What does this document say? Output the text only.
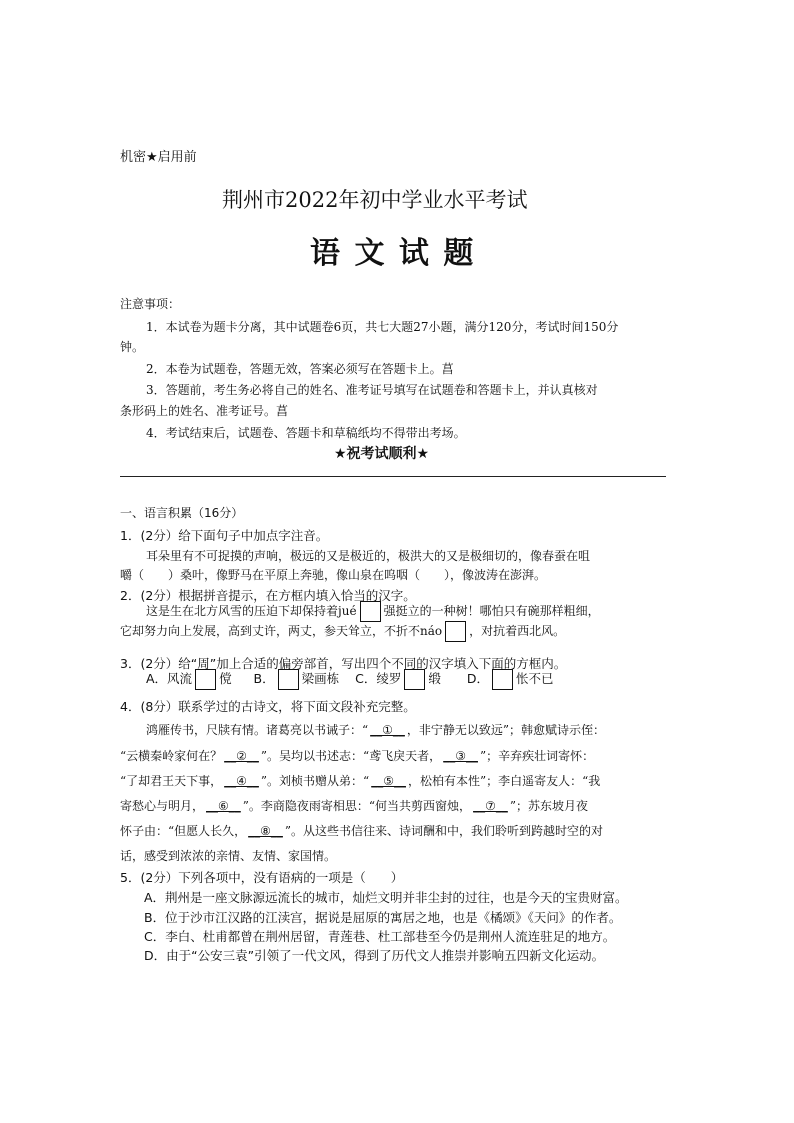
机密★启用前
荆州市2022年初中学业水平考试
语 文 试 题
注意事项：
1．本试卷为题卡分离，其中试题卷6页，共七大题27小题，满分120分，考试时间150分
钟。
2．本卷为试题卷，答题无效，答案必须写在答题卡上。菖
3．答题前，考生务必将自己的姓名、准考证号填写在试题卷和答题卡上，并认真核对
条形码上的姓名、准考证号。菖
4．考试结束后，试题卷、答题卡和草稿纸均不得带出考场。
★祝考试顺利★
一、语言积累（16分）
1．(2分）给下面句子中加点字注音。
耳朵里有不可捉摸的声响，极远的又是极近的，极洪大的又是极细切的，像春蚕在咀
嚼（　　）桑叶，像野马在平原上奔驰，像山泉在呜咽（　　），像波涛在澎湃。
2．(2分）根据拼音提示，在方框内填入恰当的汉字。
这是生在北方风雪的压迫下却保持着jué 强挺立的一种树！哪怕只有碗那样粗细，
它却努力向上发展，高到丈许，两丈，参天耸立，不折不náo ，对抗着西北风。
3．(2分）给“周”加上合适的偏旁部首，写出四个不同的汉字填入下面的方框内。
A．风流 傥 B． 梁画栋 C．绫罗 缎 D． 怅不已
4．(8分）联系学过的古诗文，将下面文段补充完整。
鸿雁传书，尺牍有情。诸葛亮以书诫子：“ __①__ ，非宁静无以致远”；韩愈赋诗示侄：
“云横秦岭家何在？ __②__ ”。吴均以书述志：“鸢飞戾天者， __③__ ”；辛弃疾壮词寄怀：
“了却君王天下事， __④__ ”。刘桢书赠从弟：“ __⑤__ ，松柏有本性”；李白遥寄友人：“我
寄愁心与明月， __⑥__ ”。李商隐夜雨寄相思：“何当共剪西窗烛， __⑦__ ”；苏东坡月夜
怀子由：“但愿人长久， __⑧__ ”。从这些书信往来、诗词酬和中，我们聆听到跨越时空的对
话，感受到浓浓的亲情、友情、家国情。
5．(2分）下列各项中，没有语病的一项是（　　）
A．荆州是一座文脉源远流长的城市，灿烂文明并非尘封的过往，也是今天的宝贵财富。
B．位于沙市江汉路的江渎宫，据说是屈原的寓居之地，也是《橘颂》《天问》的作者。
C．李白、杜甫都曾在荆州居留，青莲巷、杜工部巷至今仍是荆州人流连驻足的地方。
D．由于“公安三袁”引领了一代文风，得到了历代文人推崇并影响五四新文化运动。
